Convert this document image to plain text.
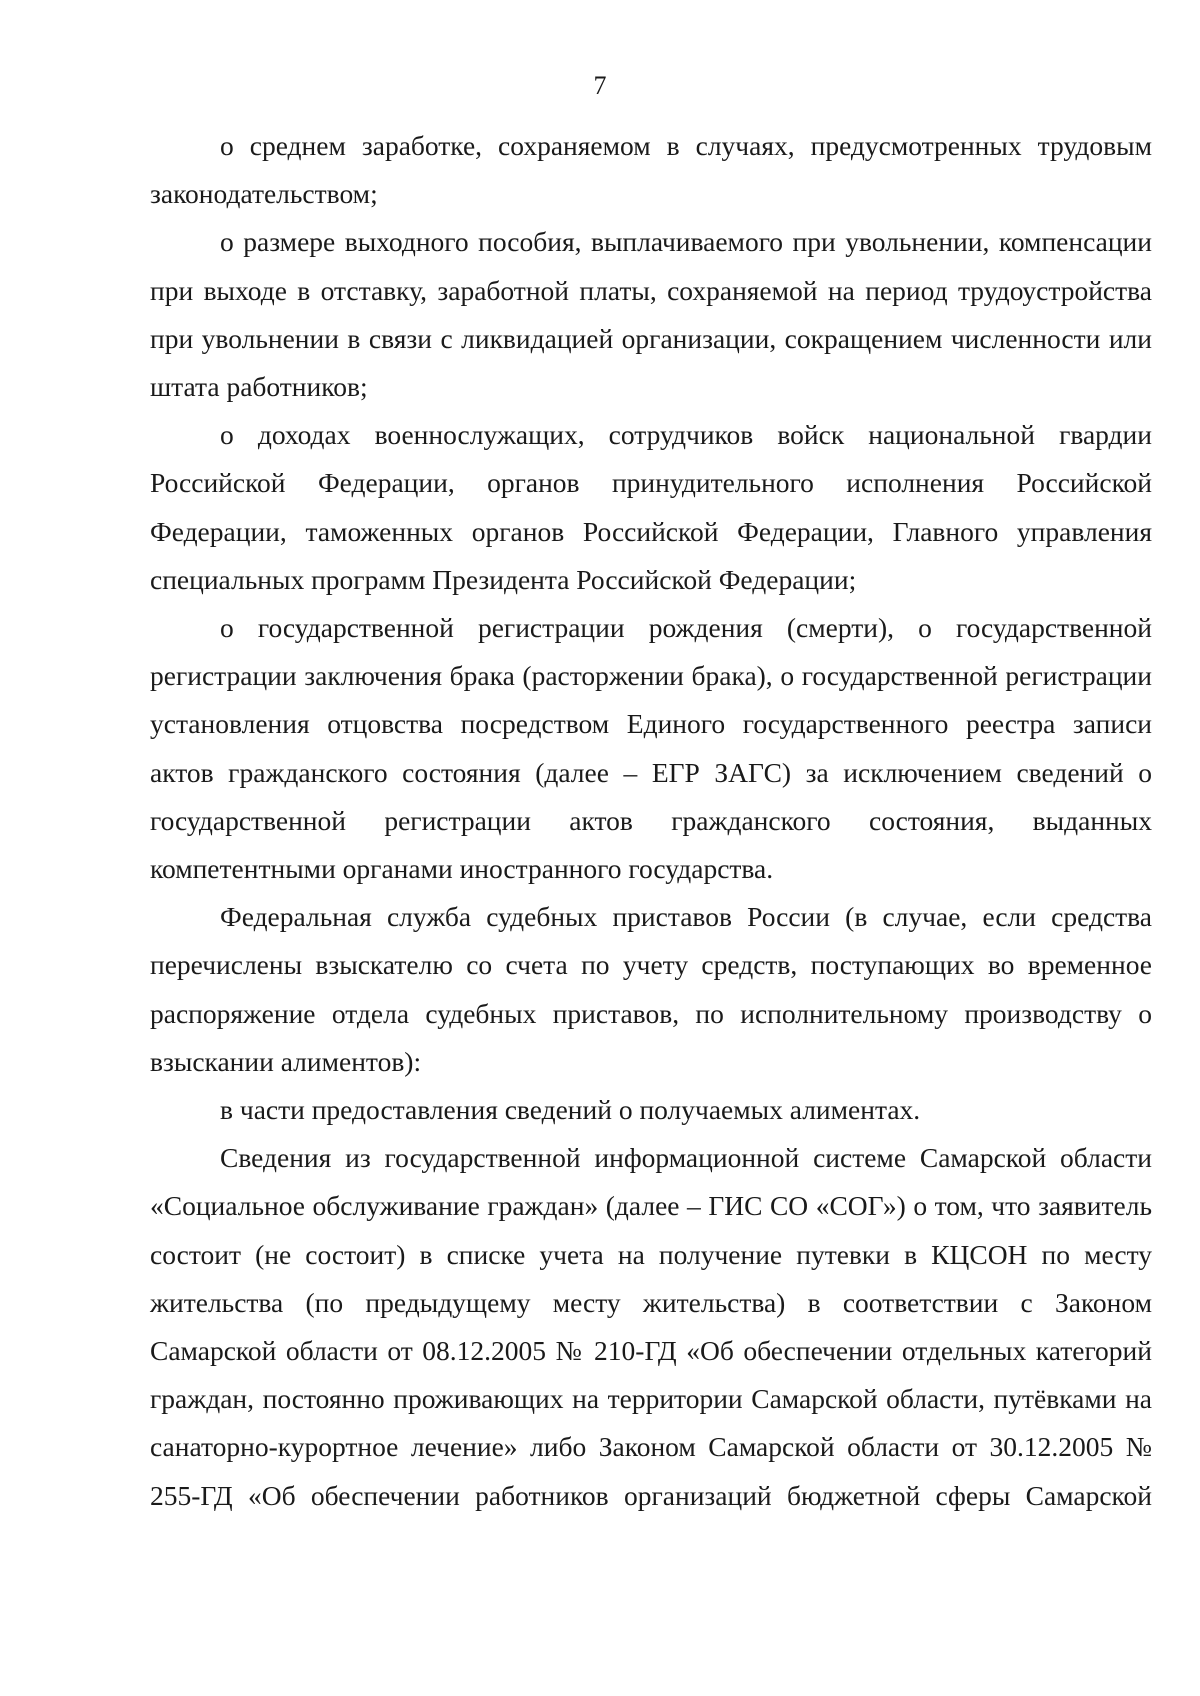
7

о среднем заработке, сохраняемом в случаях, предусмотренных трудовым законодательством;

о размере выходного пособия, выплачиваемого при увольнении, компенсации при выходе в отставку, заработной платы, сохраняемой на период трудоустройства при увольнении в связи с ликвидацией организации, сокращением численности или штата работников;

о доходах военнослужащих, сотрудчиков войск национальной гвардии Российской Федерации, органов принудительного исполнения Российской Федерации, таможенных органов Российской Федерации, Главного управления специальных программ Президента Российской Федерации;

о государственной регистрации рождения (смерти), о государственной регистрации заключения брака (расторжении брака), о государственной регистрации установления отцовства посредством Единого государственного реестра записи актов гражданского состояния (далее – ЕГР ЗАГС) за исключением сведений о государственной регистрации актов гражданского состояния, выданных компетентными органами иностранного государства.

Федеральная служба судебных приставов России (в случае, если средства перечислены взыскателю со счета по учету средств, поступающих во временное распоряжение отдела судебных приставов, по исполнительному производству о взыскании алиментов):

в части предоставления сведений о получаемых алиментах.

Сведения из государственной информационной системе Самарской области «Социальное обслуживание граждан» (далее – ГИС СО «СОГ») о том, что заявитель состоит (не состоит) в списке учета на получение путевки в КЦСОН по месту жительства (по предыдущему месту жительства) в соответствии с Законом Самарской области от 08.12.2005 № 210-ГД «Об обеспечении отдельных категорий граждан, постоянно проживающих на территории Самарской области, путёвками на санаторно-курортное лечение» либо Законом Самарской области от 30.12.2005 № 255-ГД «Об обеспечении работников организаций бюджетной сферы Самарской
